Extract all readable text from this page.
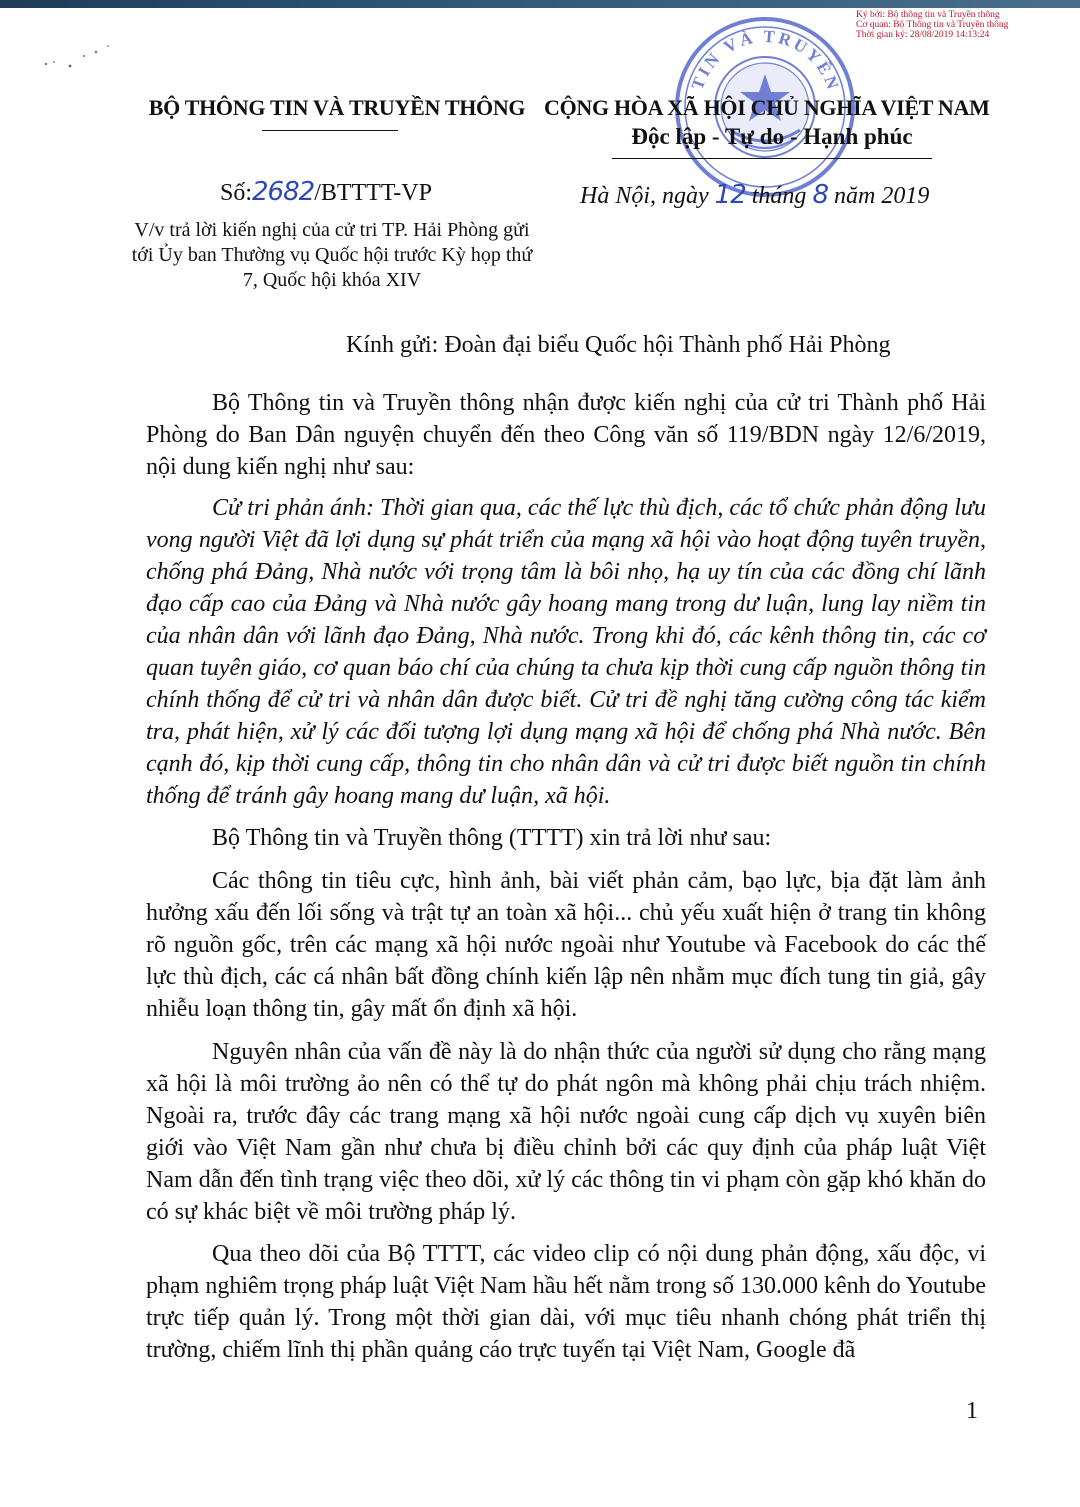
Ký bởi: Bộ thông tin và Truyền thông
Cơ quan: Bộ Thông tin và Truyền thông
Thời gian ký: 28/08/2019 14:13:24
TIN VÀ TRUYỀN
BỘ THÔNG TIN VÀ TRUYỀN THÔNG CỘNG HÒA XÃ HỘI CHỦ NGHĨA VIỆT NAM
Độc lập - Tự do - Hạnh phúc
Số:2682/BTTTT-VP
V/v trả lời kiến nghị của cử tri TP. Hải Phòng gửi tới Ủy ban Thường vụ Quốc hội trước Kỳ họp thứ 7, Quốc hội khóa XIV
Hà Nội, ngày 12 tháng 8 năm 2019
Kính gửi: Đoàn đại biểu Quốc hội Thành phố Hải Phòng

Bộ Thông tin và Truyền thông nhận được kiến nghị của cử tri Thành phố Hải Phòng do Ban Dân nguyện chuyển đến theo Công văn số 119/BDN ngày 12/6/2019, nội dung kiến nghị như sau:

Cử tri phản ánh: Thời gian qua, các thế lực thù địch, các tổ chức phản động lưu vong người Việt đã lợi dụng sự phát triển của mạng xã hội vào hoạt động tuyên truyền, chống phá Đảng, Nhà nước với trọng tâm là bôi nhọ, hạ uy tín của các đồng chí lãnh đạo cấp cao của Đảng và Nhà nước gây hoang mang trong dư luận, lung lay niềm tin của nhân dân với lãnh đạo Đảng, Nhà nước. Trong khi đó, các kênh thông tin, các cơ quan tuyên giáo, cơ quan báo chí của chúng ta chưa kịp thời cung cấp nguồn thông tin chính thống để cử tri và nhân dân được biết. Cử tri đề nghị tăng cường công tác kiểm tra, phát hiện, xử lý các đối tượng lợi dụng mạng xã hội để chống phá Nhà nước. Bên cạnh đó, kịp thời cung cấp, thông tin cho nhân dân và cử tri được biết nguồn tin chính thống để tránh gây hoang mang dư luận, xã hội.

Bộ Thông tin và Truyền thông (TTTT) xin trả lời như sau:

Các thông tin tiêu cực, hình ảnh, bài viết phản cảm, bạo lực, bịa đặt làm ảnh hưởng xấu đến lối sống và trật tự an toàn xã hội... chủ yếu xuất hiện ở trang tin không rõ nguồn gốc, trên các mạng xã hội nước ngoài như Youtube và Facebook do các thế lực thù địch, các cá nhân bất đồng chính kiến lập nên nhằm mục đích tung tin giả, gây nhiễu loạn thông tin, gây mất ổn định xã hội.

Nguyên nhân của vấn đề này là do nhận thức của người sử dụng cho rằng mạng xã hội là môi trường ảo nên có thể tự do phát ngôn mà không phải chịu trách nhiệm. Ngoài ra, trước đây các trang mạng xã hội nước ngoài cung cấp dịch vụ xuyên biên giới vào Việt Nam gần như chưa bị điều chỉnh bởi các quy định của pháp luật Việt Nam dẫn đến tình trạng việc theo dõi, xử lý các thông tin vi phạm còn gặp khó khăn do có sự khác biệt về môi trường pháp lý.

Qua theo dõi của Bộ TTTT, các video clip có nội dung phản động, xấu độc, vi phạm nghiêm trọng pháp luật Việt Nam hầu hết nằm trong số 130.000 kênh do Youtube trực tiếp quản lý. Trong một thời gian dài, với mục tiêu nhanh chóng phát triển thị trường, chiếm lĩnh thị phần quảng cáo trực tuyến tại Việt Nam, Google đã

1
